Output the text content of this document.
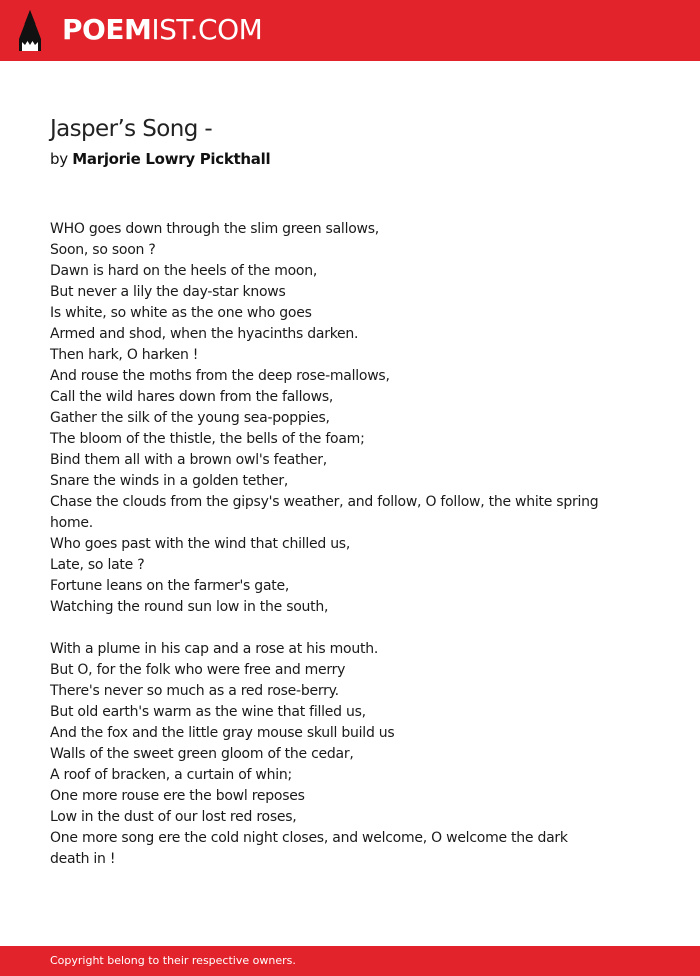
POEMIST.COM
Jasper’s Song -
by Marjorie Lowry Pickthall
WHO goes down through the slim green sallows,
Soon, so soon ?
Dawn is hard on the heels of the moon,
But never a lily the day-star knows
Is white, so white as the one who goes
Armed and shod, when the hyacinths darken.
Then hark, O harken !
And rouse the moths from the deep rose-mallows,
Call the wild hares down from the fallows,
Gather the silk of the young sea-poppies,
The bloom of the thistle, the bells of the foam;
Bind them all with a brown owl's feather,
Snare the winds in a golden tether,
Chase the clouds from the gipsy's weather, and follow, O follow, the white spring home.
Who goes past with the wind that chilled us,
Late, so late ?
Fortune leans on the farmer's gate,
Watching the round sun low in the south,
With a plume in his cap and a rose at his mouth.
But O, for the folk who were free and merry
There's never so much as a red rose-berry.
But old earth's warm as the wine that filled us,
And the fox and the little gray mouse skull build us
Walls of the sweet green gloom of the cedar,
A roof of bracken, a curtain of whin;
One more rouse ere the bowl reposes
Low in the dust of our lost red roses,
One more song ere the cold night closes, and welcome, O welcome the dark death in !
Copyright belong to their respective owners.
